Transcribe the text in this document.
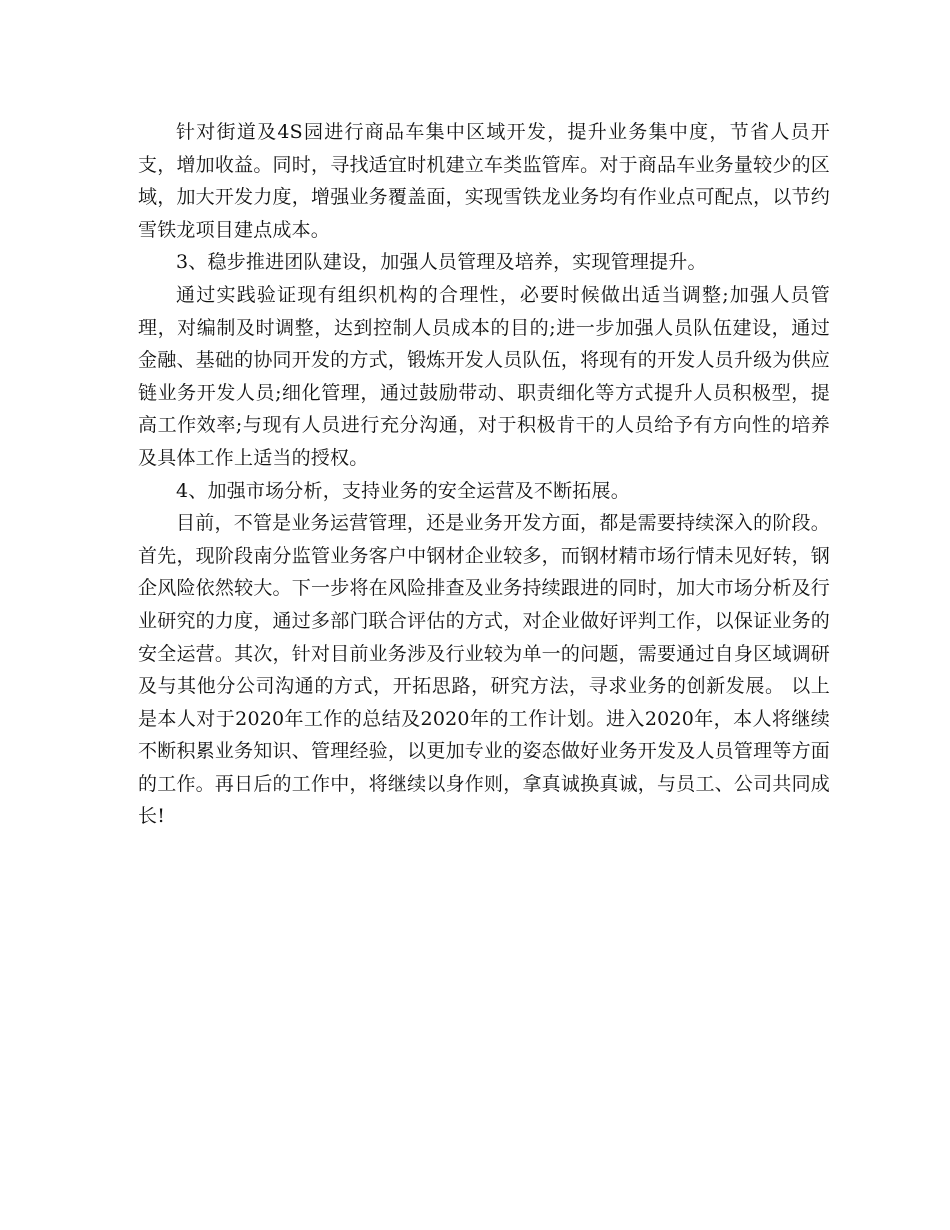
针对街道及4S园进行商品车集中区域开发，提升业务集中度，节省人员开支，增加收益。同时，寻找适宜时机建立车类监管库。对于商品车业务量较少的区域，加大开发力度，增强业务覆盖面，实现雪铁龙业务均有作业点可配点，以节约雪铁龙项目建点成本。

3、稳步推进团队建设，加强人员管理及培养，实现管理提升。

通过实践验证现有组织机构的合理性，必要时候做出适当调整;加强人员管理，对编制及时调整，达到控制人员成本的目的;进一步加强人员队伍建设，通过金融、基础的协同开发的方式，锻炼开发人员队伍，将现有的开发人员升级为供应链业务开发人员;细化管理，通过鼓励带动、职责细化等方式提升人员积极型，提高工作效率;与现有人员进行充分沟通，对于积极肯干的人员给予有方向性的培养及具体工作上适当的授权。

4、加强市场分析，支持业务的安全运营及不断拓展。

目前，不管是业务运营管理，还是业务开发方面，都是需要持续深入的阶段。首先，现阶段南分监管业务客户中钢材企业较多，而钢材精市场行情未见好转，钢企风险依然较大。下一步将在风险排查及业务持续跟进的同时，加大市场分析及行业研究的力度，通过多部门联合评估的方式，对企业做好评判工作，以保证业务的安全运营。其次，针对目前业务涉及行业较为单一的问题，需要通过自身区域调研及与其他分公司沟通的方式，开拓思路，研究方法，寻求业务的创新发展。 以上是本人对于2020年工作的总结及2020年的工作计划。进入2020年，本人将继续不断积累业务知识、管理经验，以更加专业的姿态做好业务开发及人员管理等方面的工作。再日后的工作中，将继续以身作则，拿真诚换真诚，与员工、公司共同成长!
